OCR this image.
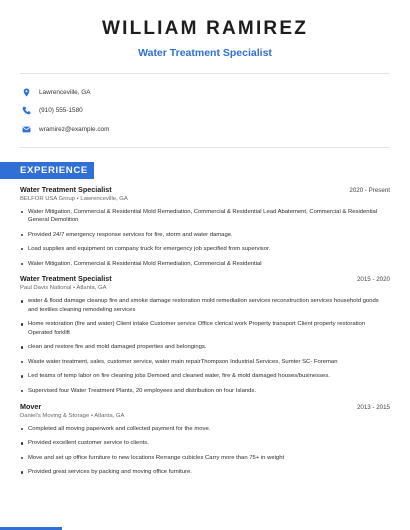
WILLIAM RAMIREZ
Water Treatment Specialist
Lawrenceville, GA
(910) 555-1580
wramirez@example.com
EXPERIENCE
Water Treatment Specialist	2020 - Present
BELFOR USA Group • Lawrenceville, GA
Water Mitigation, Commercial & Residential Mold Remediation, Commercial & Residential Lead Abatement, Commercial & Residential General Demolition
Provided 24/7 emergency response services for fire, storm and water damage.
Load supplies and equipment on company truck for emergency job specified from supervisor.
Water Mitigation, Commercial & Residential Mold Remediation, Commercial & Residential
Water Treatment Specialist	2015 - 2020
Paul Davis National • Atlanta, GA
water & flood damage cleanup fire and smoke damage restoration mold remediation services reconstruction services household goods and textiles cleaning remodeling services
Home restoration (fire and water) Client intake Customer service Office clerical work Property transport Client property restoration Operated forklift
clean and restore fire and mold damaged properties and belongings.
Waste water treatment, sales, customer service, water main repairThompson Industrial Services, Sumter SC- Foreman
Led teams of temp labor on fire cleaning jobs Demoed and cleaned water, fire & mold damaged houses/businesses.
Supervised four Water Treatment Plants, 20 employees and distribution on four Islands.
Mover	2013 - 2015
Daniel's Moving & Storage • Atlanta, GA
Completed all moving paperwork and collected payment for the move.
Provided excellent customer service to clients.
Move and set up office furniture to new locations Rerrange cubicles Carry more than 75+ in weight
Provided great services by packing and moving office furniture.
